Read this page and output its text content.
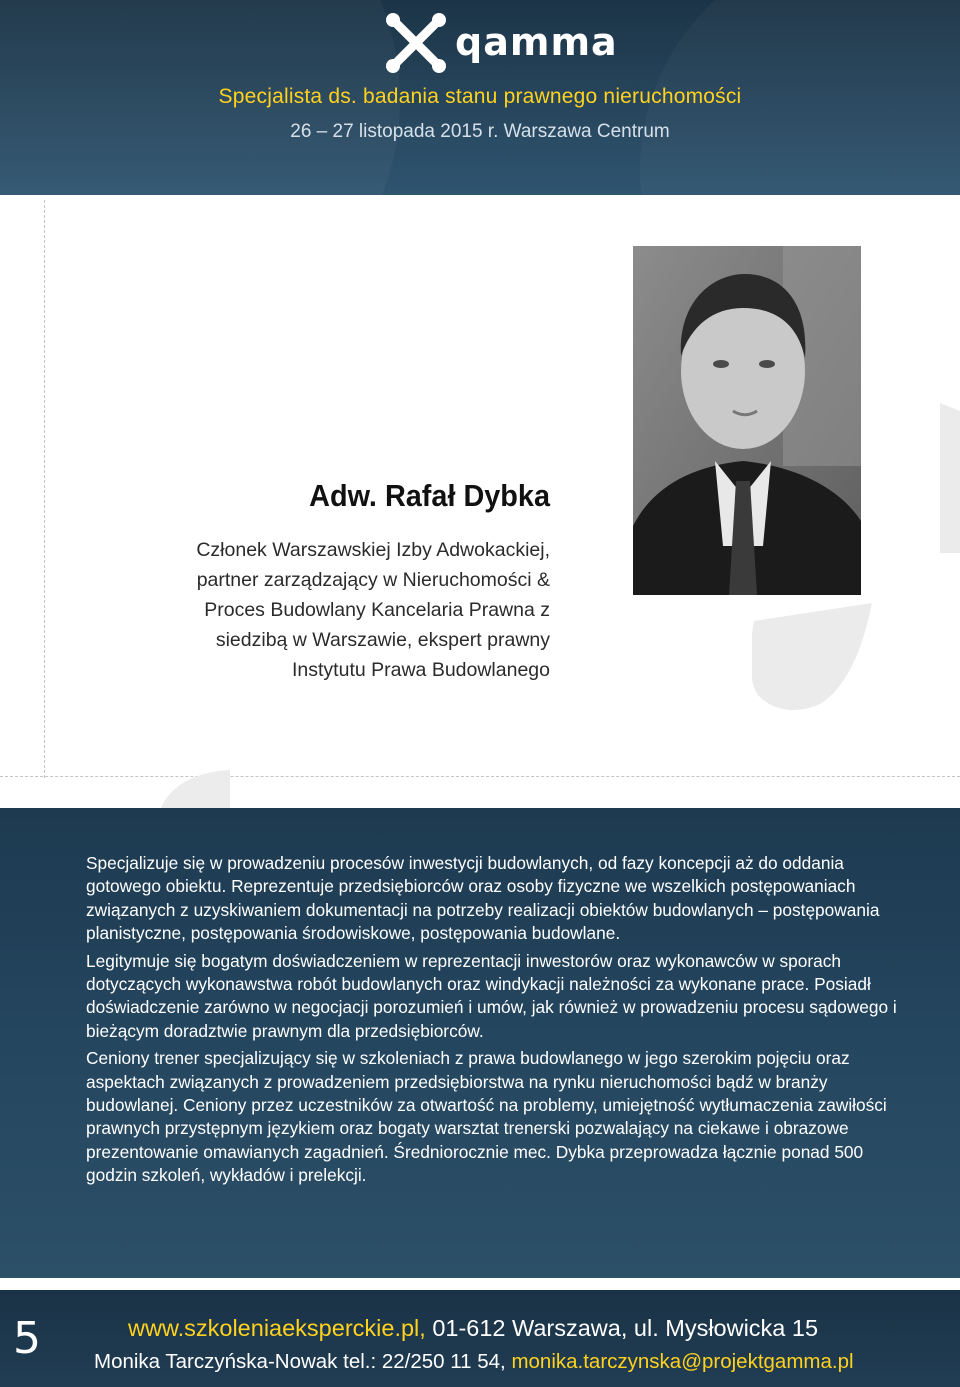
qamma
Specjalista ds. badania stanu prawnego nieruchomości
26 – 27 listopada 2015 r. Warszawa Centrum
Adw. Rafał Dybka
Członek Warszawskiej Izby Adwokackiej,
partner zarządzający w Nieruchomości &
Proces Budowlany Kancelaria Prawna z
siedzibą w Warszawie, ekspert prawny
Instytutu Prawa Budowlanego

Specjalizuje się w prowadzeniu procesów inwestycji budowlanych, od fazy koncepcji aż do oddania gotowego obiektu. Reprezentuje przedsiębiorców oraz osoby fizyczne we wszelkich postępowaniach związanych z uzyskiwaniem dokumentacji na potrzeby realizacji obiektów budowlanych – postępowania planistyczne, postępowania środowiskowe, postępowania budowlane.

Legitymuje się bogatym doświadczeniem w reprezentacji inwestorów oraz wykonawców w sporach dotyczących wykonawstwa robót budowlanych oraz windykacji należności za wykonane prace. Posiadł doświadczenie zarówno w negocjacji porozumień i umów, jak również w prowadzeniu procesu sądowego i bieżącym doradztwie prawnym dla przedsiębiorców.

Ceniony trener specjalizujący się w szkoleniach z prawa budowlanego w jego szerokim pojęciu oraz aspektach związanych z prowadzeniem przedsiębiorstwa na rynku nieruchomości bądź w branży budowlanej. Ceniony przez uczestników za otwartość na problemy, umiejętność wytłumaczenia zawiłości prawnych przystępnym językiem oraz bogaty warsztat trenerski pozwalający na ciekawe i obrazowe prezentowanie omawianych zagadnień. Średniorocznie mec. Dybka przeprowadza łącznie ponad 500 godzin szkoleń, wykładów i prelekcji.

5	www.szkoleniaeksperckie.pl, 01-612 Warszawa, ul. Mysłowicka 15
Monika Tarczyńska-Nowak tel.: 22/250 11 54, monika.tarczynska@projektgamma.pl
